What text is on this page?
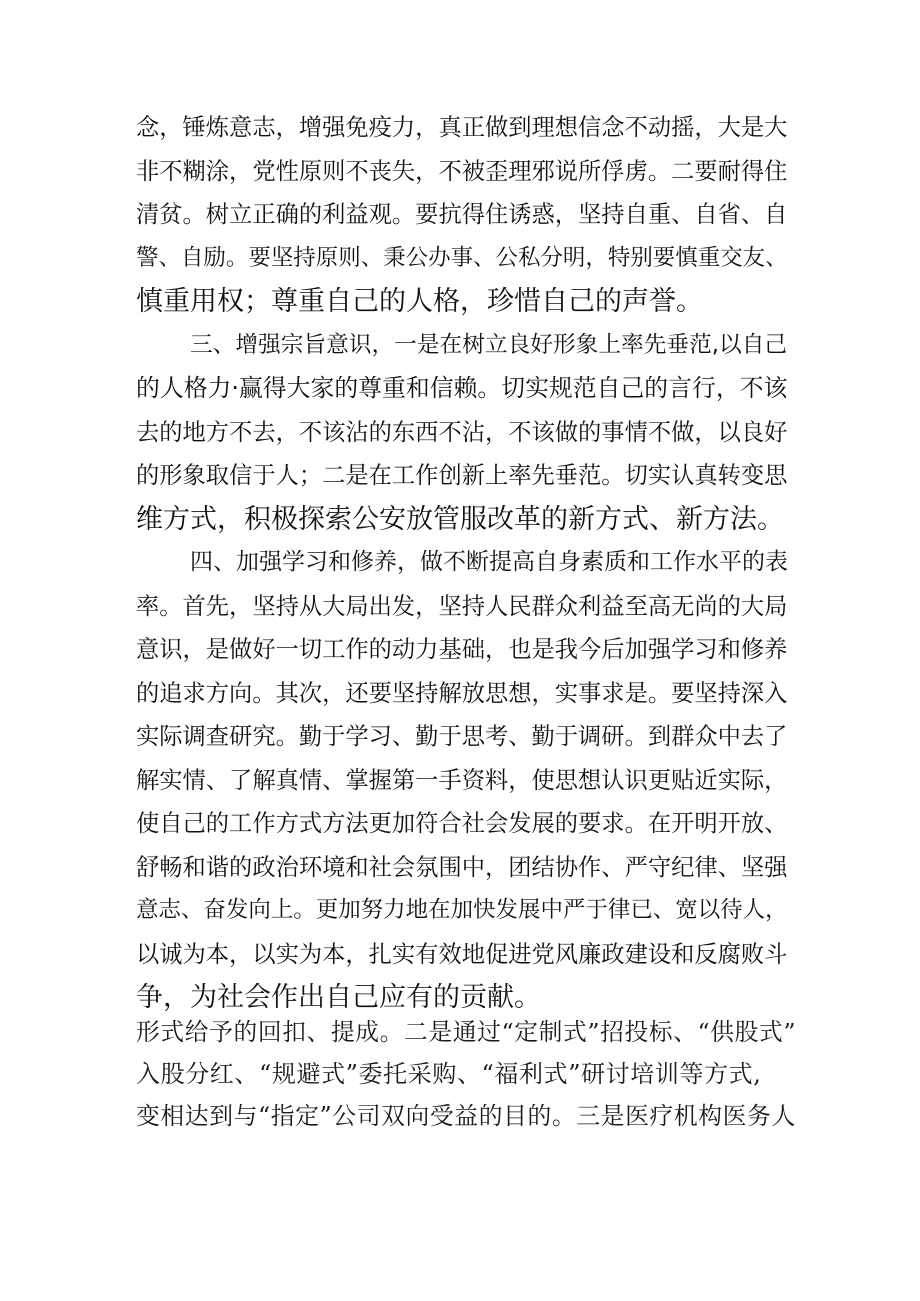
念，锤炼意志，增强免疫力，真正做到理想信念不动摇，大是大
非不糊涂，党性原则不丧失，不被歪理邪说所俘虏。二要耐得住
清贫。树立正确的利益观。要抗得住诱惑，坚持自重、自省、自
警、自励。要坚持原则、秉公办事、公私分明，特别要慎重交友、
慎重用权；尊重自己的人格，珍惜自己的声誉。
三、增强宗旨意识，一是在树立良好形象上率先垂范,以自己
的人格力·赢得大家的尊重和信赖。切实规范自己的言行，不该
去的地方不去，不该沾的东西不沾，不该做的事情不做，以良好
的形象取信于人；二是在工作创新上率先垂范。切实认真转变思
维方式，积极探索公安放管服改革的新方式、新方法。
四、加强学习和修养，做不断提高自身素质和工作水平的表
率。首先，坚持从大局出发，坚持人民群众利益至高无尚的大局
意识，是做好一切工作的动力基础，也是我今后加强学习和修养
的追求方向。其次，还要坚持解放思想，实事求是。要坚持深入
实际调查研究。勤于学习、勤于思考、勤于调研。到群众中去了
解实情、了解真情、掌握第一手资料，使思想认识更贴近实际，
使自己的工作方式方法更加符合社会发展的要求。在开明开放、
舒畅和谐的政治环境和社会氛围中，团结协作、严守纪律、坚强
意志、奋发向上。更加努力地在加快发展中严于律已、宽以待人，
以诚为本，以实为本，扎实有效地促进党风廉政建设和反腐败斗
争，为社会作出自己应有的贡献。
形式给予的回扣、提成。二是通过“定制式”招投标、“供股式”
入股分红、“规避式”委托采购、“福利式”研讨培训等方式,
变相达到与“指定”公司双向受益的目的。三是医疗机构医务人
